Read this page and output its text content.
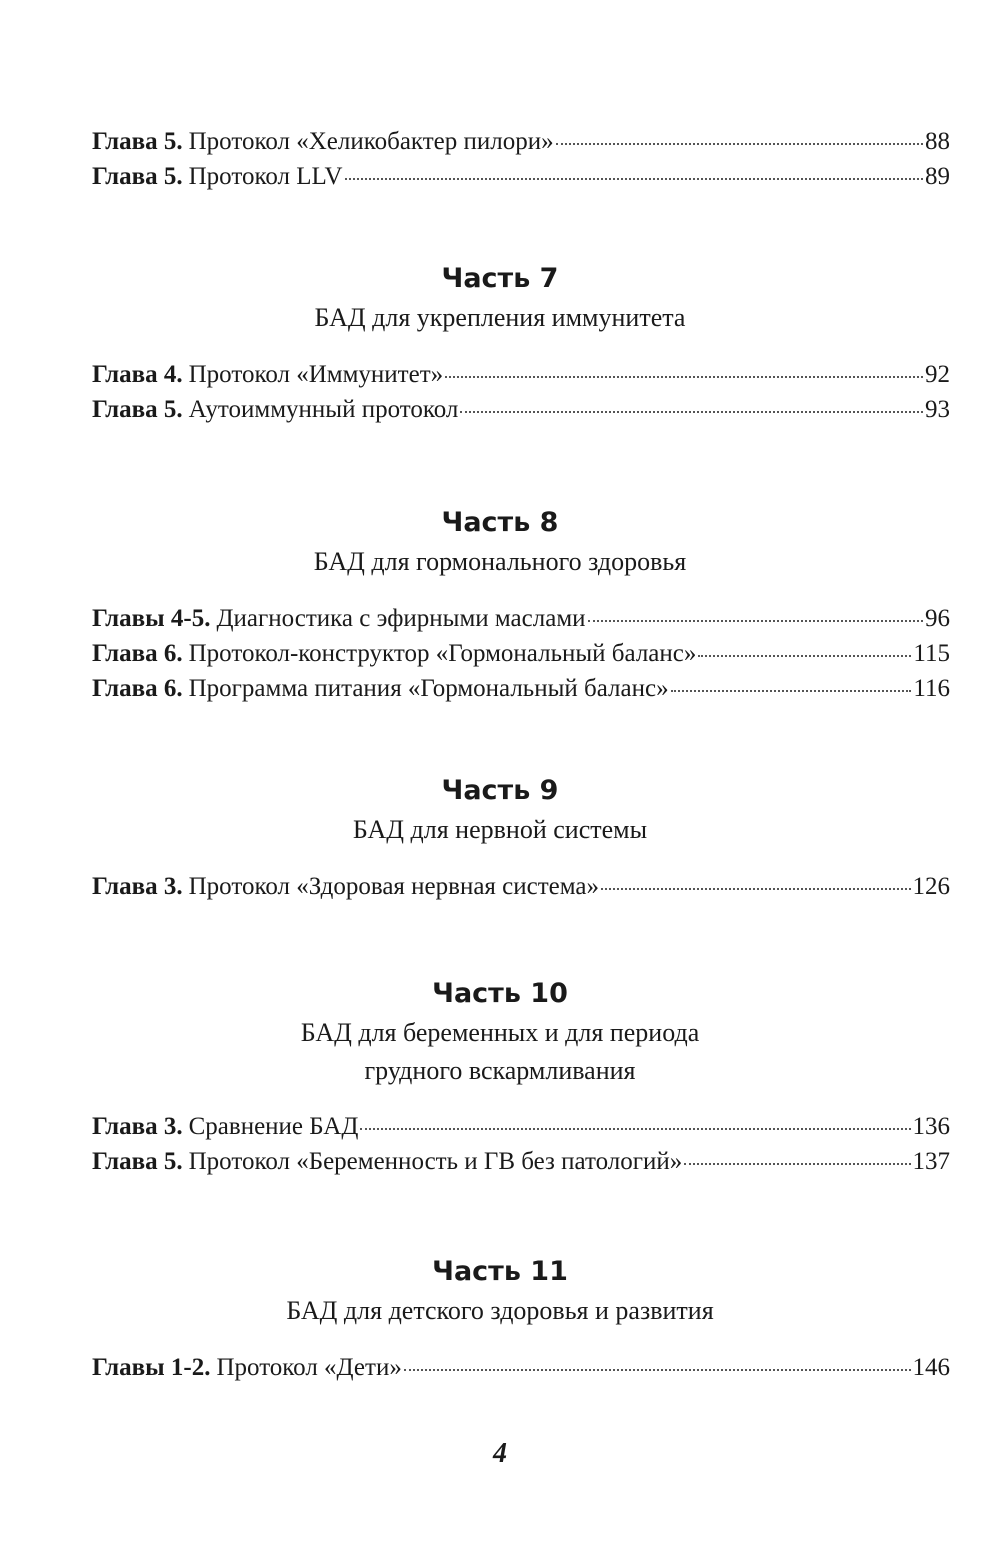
Глава 5. Протокол «Хеликобактер пилори»	88
Глава 5. Протокол LLV	89
Часть 7
БАД для укрепления иммунитета
Глава 4. Протокол «Иммунитет»	92
Глава 5. Аутоиммунный протокол	93
Часть 8
БАД для гормонального здоровья
Главы 4-5. Диагностика с эфирными маслами	96
Глава 6. Протокол-конструктор «Гормональный баланс»	115
Глава 6. Программа питания «Гормональный баланс»	116
Часть 9
БАД для нервной системы
Глава 3. Протокол «Здоровая нервная система»	126
Часть 10
БАД для беременных и для периода
грудного вскармливания
Глава 3. Сравнение БАД	136
Глава 5. Протокол «Беременность и ГВ без патологий»	137
Часть 11
БАД для детского здоровья и развития
Главы 1-2. Протокол «Дети»	146
4
